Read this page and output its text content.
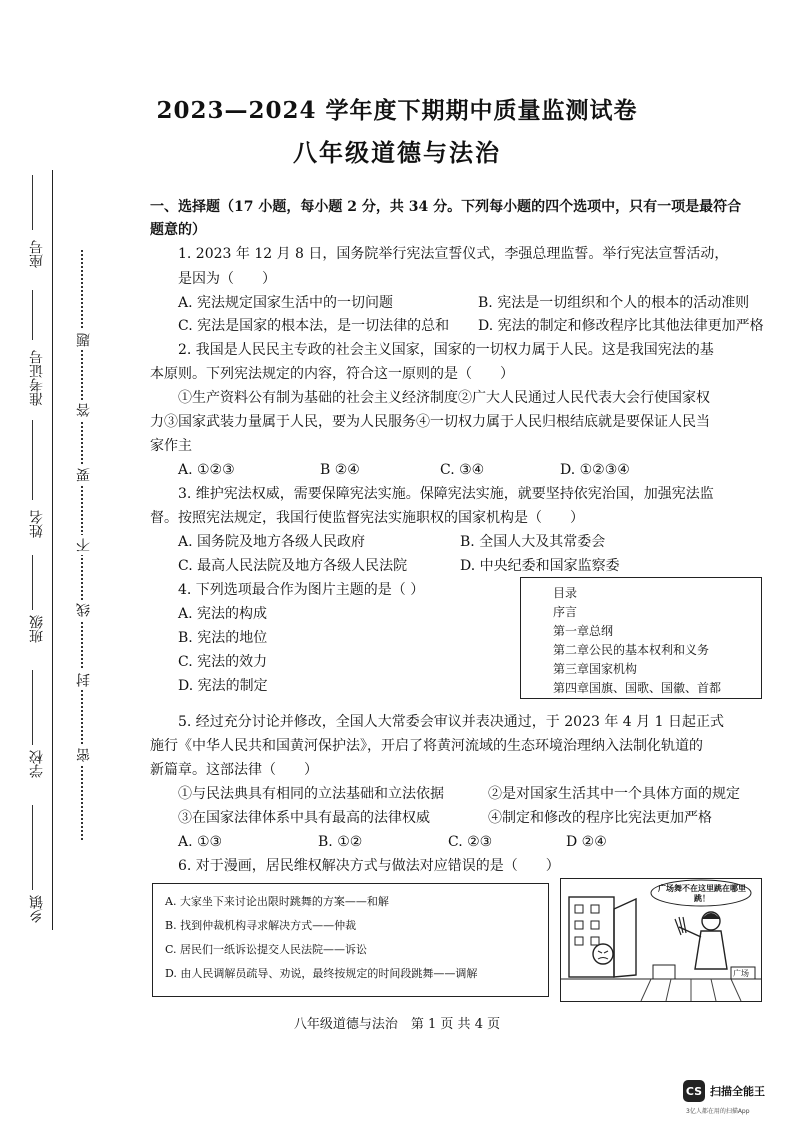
2023—2024 学年度下期期中质量监测试卷
八年级道德与法治
座号
准考证号
姓名
班级
学校
乡镇
题
答
要
不
线
封
密
一、选择题（17 小题，每小题 2 分，共 34 分。下列每小题的四个选项中，只有一项是最符合
题意的）
1. 2023 年 12 月 8 日，国务院举行宪法宣誓仪式，李强总理监誓。举行宪法宣誓活动，
是因为（　　）
A. 宪法规定国家生活中的一切问题	B. 宪法是一切组织和个人的根本的活动准则
C. 宪法是国家的根本法，是一切法律的总和 D. 宪法的制定和修改程序比其他法律更加严格
2. 我国是人民民主专政的社会主义国家，国家的一切权力属于人民。这是我国宪法的基
本原则。下列宪法规定的内容，符合这一原则的是（　　）
①生产资料公有制为基础的社会主义经济制度②广大人民通过人民代表大会行使国家权
力③国家武装力量属于人民，要为人民服务④一切权力属于人民归根结底就是要保证人民当
家作主
A. ①②③	B ②④	C. ③④	D. ①②③④
3. 维护宪法权威，需要保障宪法实施。保障宪法实施，就要坚持依宪治国，加强宪法监
督。按照宪法规定，我国行使监督宪法实施职权的国家机构是（　　）
A. 国务院及地方各级人民政府	B. 全国人大及其常委会
C. 最高人民法院及地方各级人民法院	D. 中央纪委和国家监察委
4. 下列选项最合作为图片主题的是（ ）
A. 宪法的构成
B. 宪法的地位
C. 宪法的效力
D. 宪法的制定
目录
序言
第一章总纲
第二章公民的基本权利和义务
第三章国家机构
第四章国旗、国歌、国徽、首都
5. 经过充分讨论并修改，全国人大常委会审议并表决通过，于 2023 年 4 月 1 日起正式
施行《中华人民共和国黄河保护法》，开启了将黄河流域的生态环境治理纳入法制化轨道的
新篇章。这部法律（　　）
①与民法典具有相同的立法基础和立法依据	②是对国家生活其中一个具体方面的规定
③在国家法律体系中具有最高的法律权威	④制定和修改的程序比宪法更加严格
A. ①③	B. ①②	C. ②③	D ②④
6. 对于漫画，居民维权解决方式与做法对应错误的是（　　）
A. 大家坐下来讨论出限时跳舞的方案——和解
B. 找到仲裁机构寻求解决方式——仲裁
C. 居民们一纸诉讼提交人民法院——诉讼
D. 由人民调解员疏导、劝说，最终按规定的时间段跳舞——调解
广场舞不在这里跳在哪里跳！
广场
八年级道德与法治　第 1 页 共 4 页
CS 扫描全能王
3亿人都在用的扫描App
